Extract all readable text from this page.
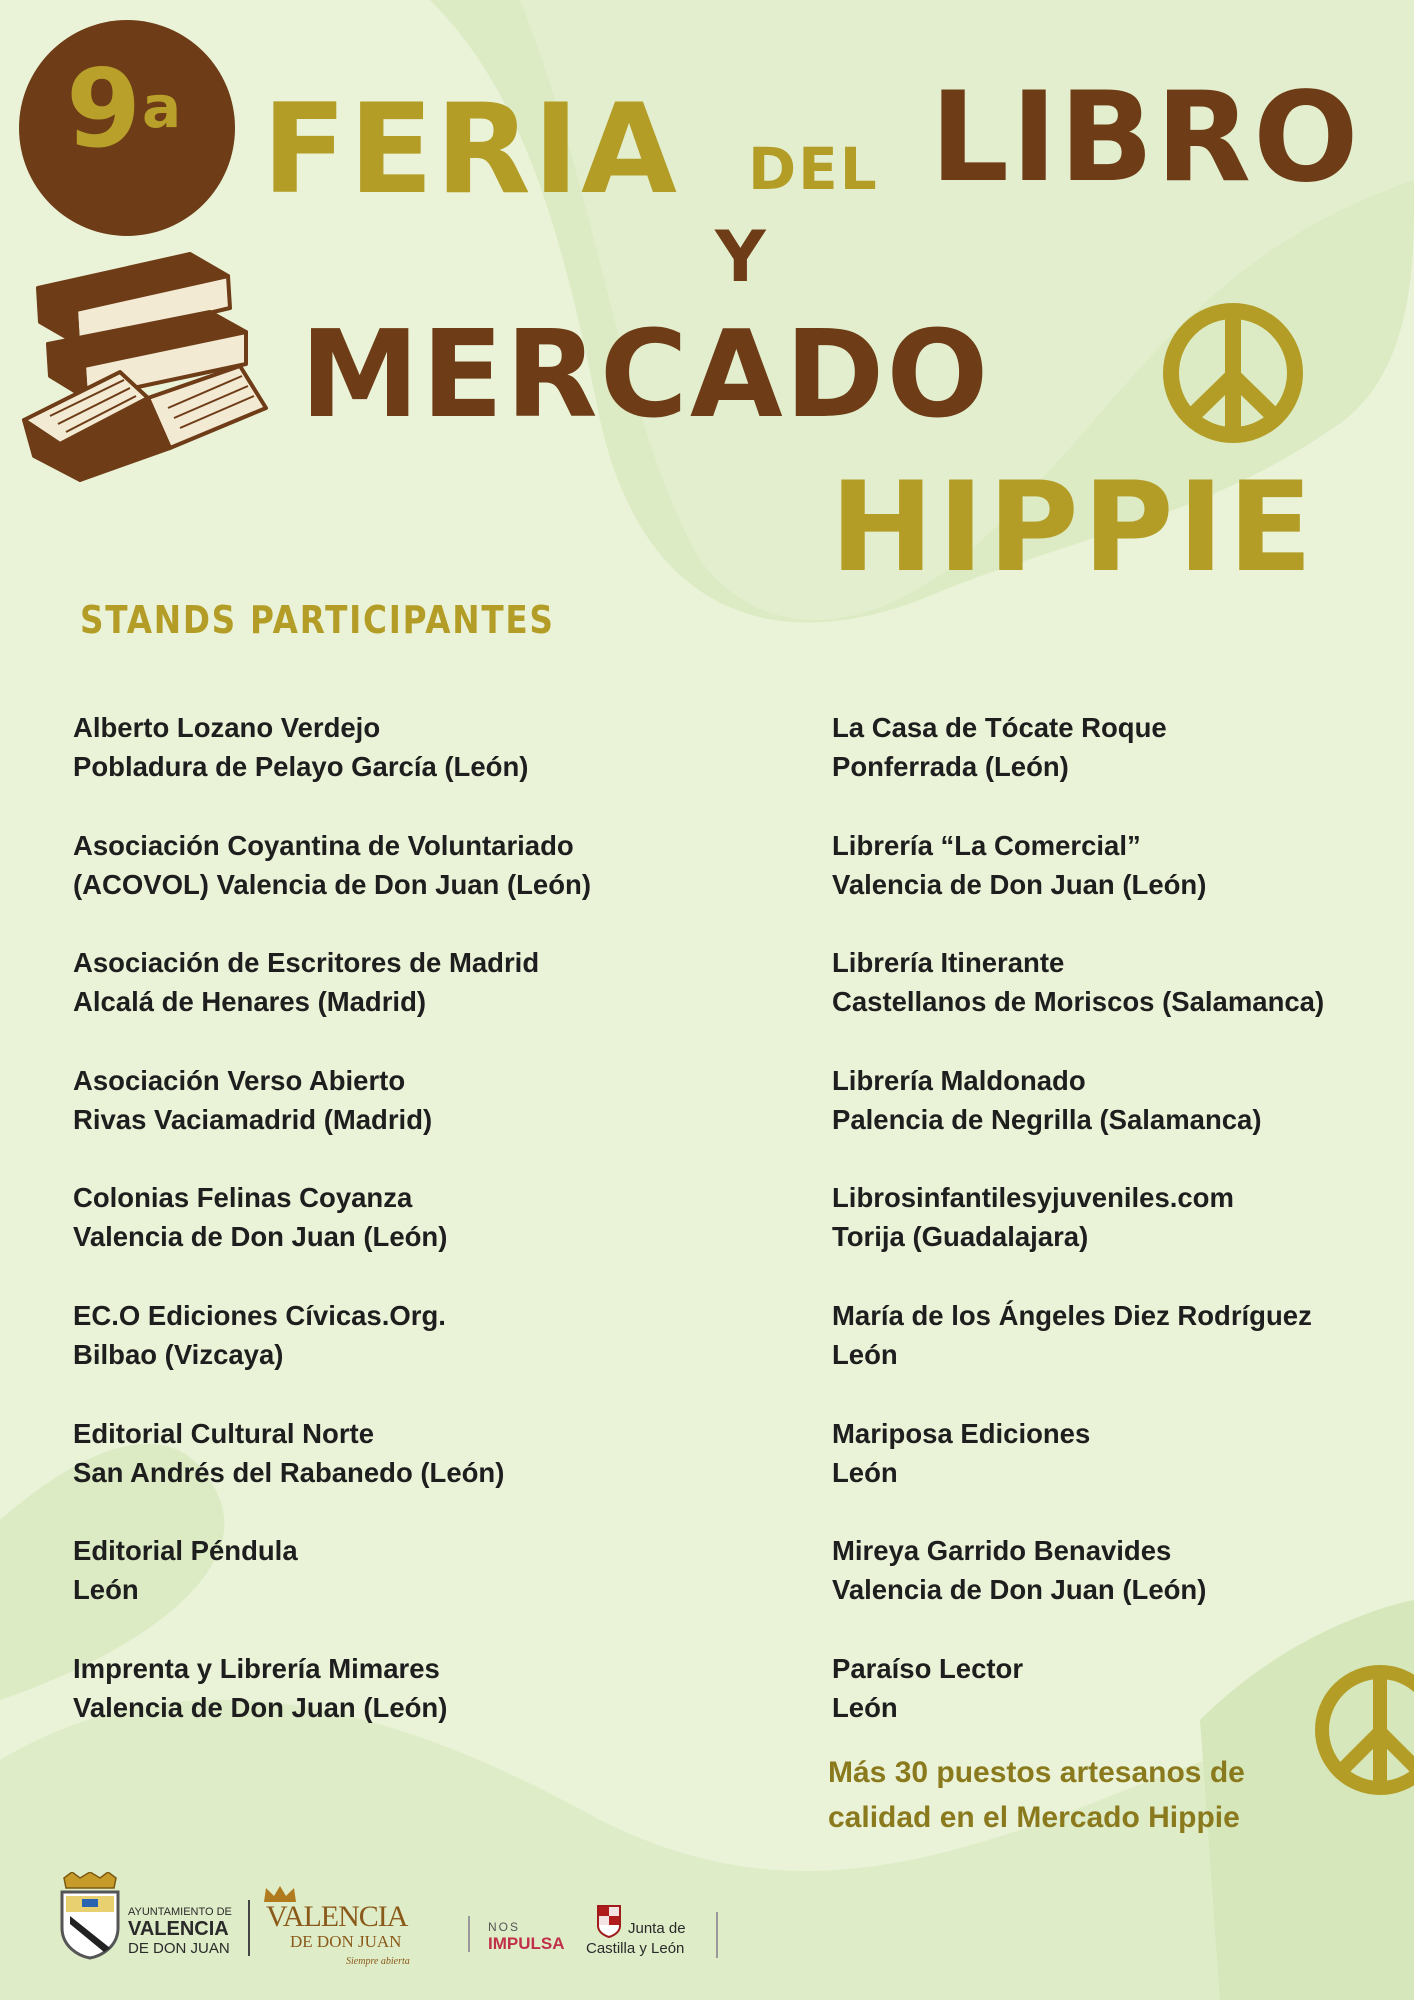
9 a FERIA DEL LIBRO
Y
MERCADO
HIPPIE
STANDS PARTICIPANTES
Alberto Lozano Verdejo
Pobladura de Pelayo García (León)
Asociación Coyantina de Voluntariado
(ACOVOL) Valencia de Don Juan (León)
Asociación de Escritores de Madrid
Alcalá de Henares (Madrid)
Asociación Verso Abierto
Rivas Vaciamadrid (Madrid)
Colonias Felinas Coyanza
Valencia de Don Juan (León)
EC.O Ediciones Cívicas.Org.
Bilbao (Vizcaya)
Editorial Cultural Norte
San Andrés del Rabanedo (León)
Editorial Péndula
León
Imprenta y Librería Mimares
Valencia de Don Juan (León)
La Casa de Tócate Roque
Ponferrada (León)
Librería “La Comercial”
Valencia de Don Juan (León)
Librería Itinerante
Castellanos de Moriscos (Salamanca)
Librería Maldonado
Palencia de Negrilla (Salamanca)
Librosinfantilesyjuveniles.com
Torija (Guadalajara)
María de los Ángeles Diez Rodríguez
León
Mariposa Ediciones
León
Mireya Garrido Benavides
Valencia de Don Juan (León)
Paraíso Lector
León
Más 30 puestos artesanos de
calidad en el Mercado Hippie
AYUNTAMIENTO DE
VALENCIA
DE DON JUAN
VALENCIA
DE DON JUAN
Siempre abierta
NOS
IMPULSA
Junta de
Castilla y León
